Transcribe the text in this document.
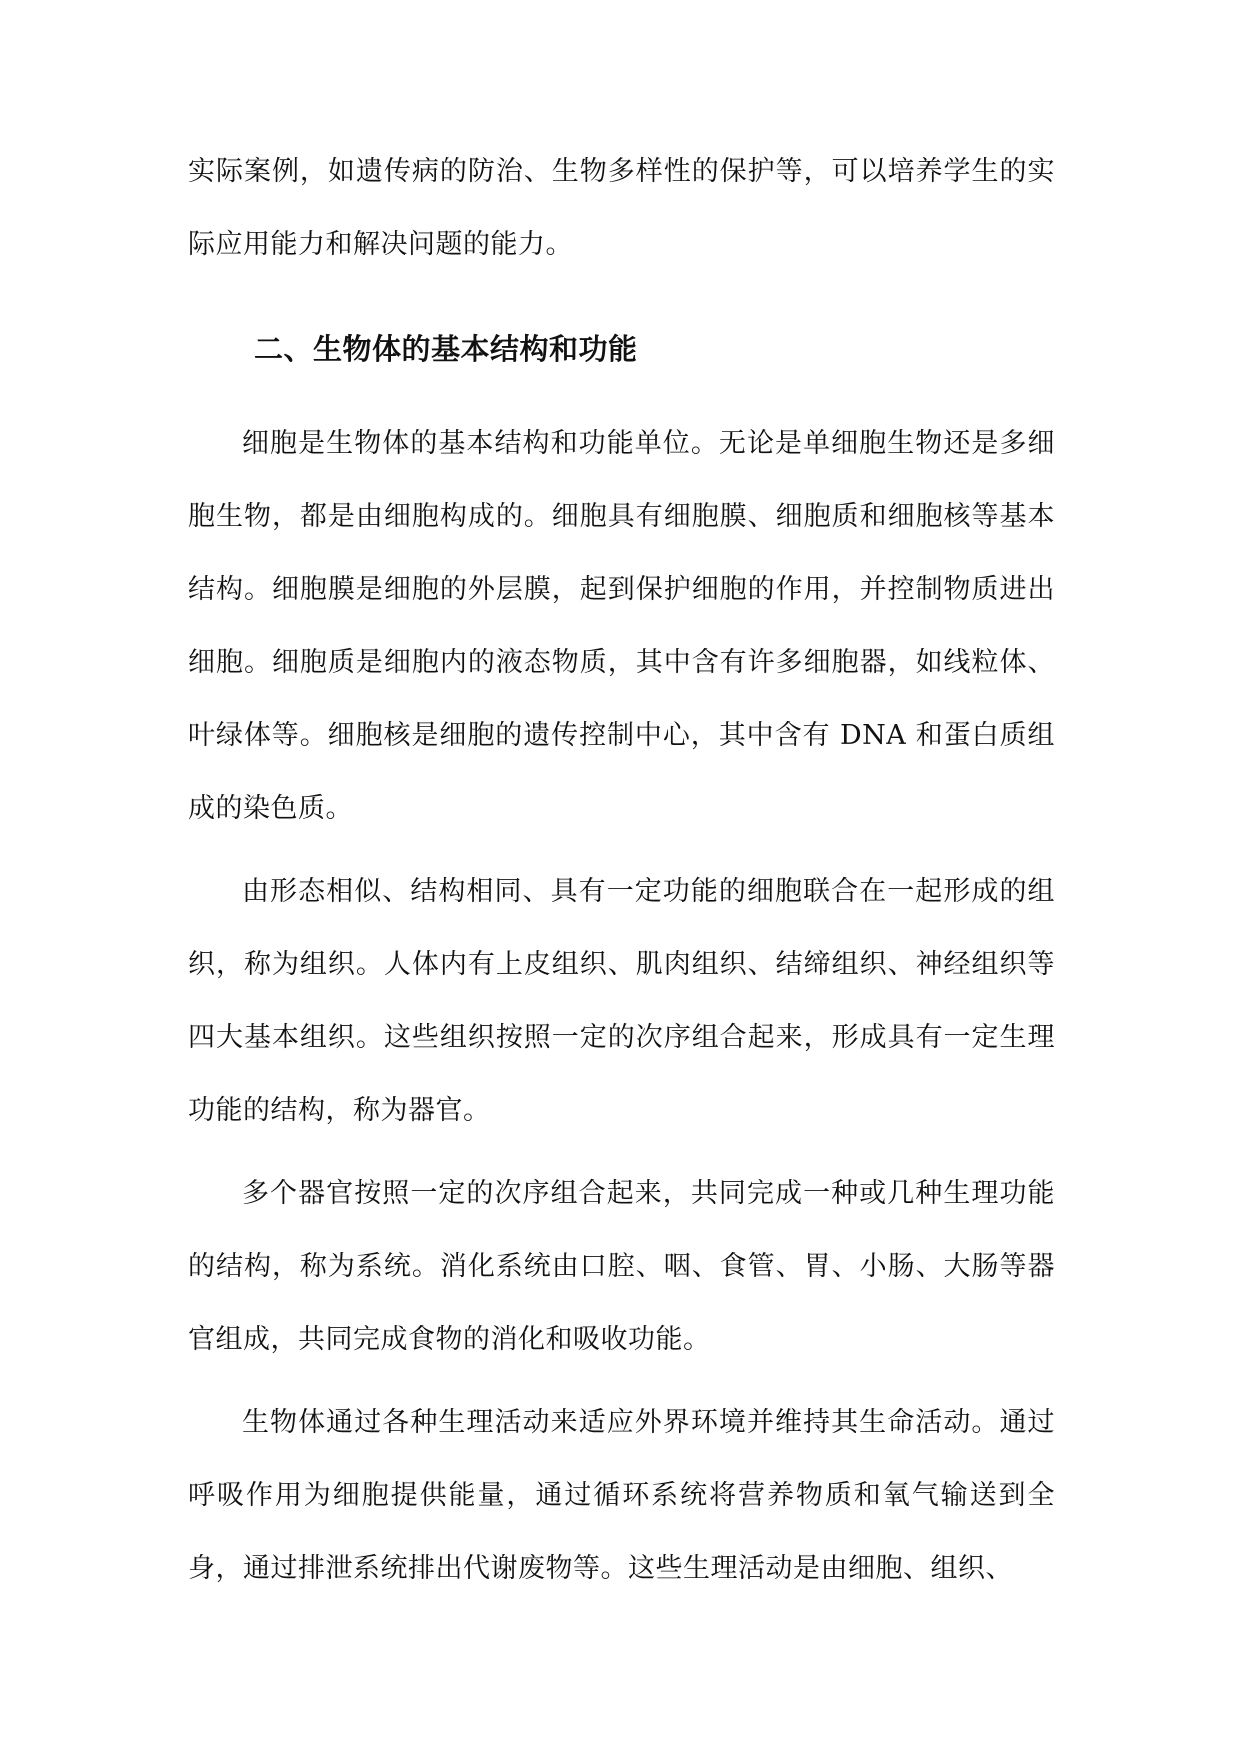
实际案例，如遗传病的防治、生物多样性的保护等，可以培养学生的实际应用能力和解决问题的能力。

二、生物体的基本结构和功能

细胞是生物体的基本结构和功能单位。无论是单细胞生物还是多细胞生物，都是由细胞构成的。细胞具有细胞膜、细胞质和细胞核等基本结构。细胞膜是细胞的外层膜，起到保护细胞的作用，并控制物质进出细胞。细胞质是细胞内的液态物质，其中含有许多细胞器，如线粒体、叶绿体等。细胞核是细胞的遗传控制中心，其中含有 DNA 和蛋白质组成的染色质。

由形态相似、结构相同、具有一定功能的细胞联合在一起形成的组织，称为组织。人体内有上皮组织、肌肉组织、结缔组织、神经组织等四大基本组织。这些组织按照一定的次序组合起来，形成具有一定生理功能的结构，称为器官。

多个器官按照一定的次序组合起来，共同完成一种或几种生理功能的结构，称为系统。消化系统由口腔、咽、食管、胃、小肠、大肠等器官组成，共同完成食物的消化和吸收功能。

生物体通过各种生理活动来适应外界环境并维持其生命活动。通过呼吸作用为细胞提供能量，通过循环系统将营养物质和氧气输送到全身，通过排泄系统排出代谢废物等。这些生理活动是由细胞、组织、
